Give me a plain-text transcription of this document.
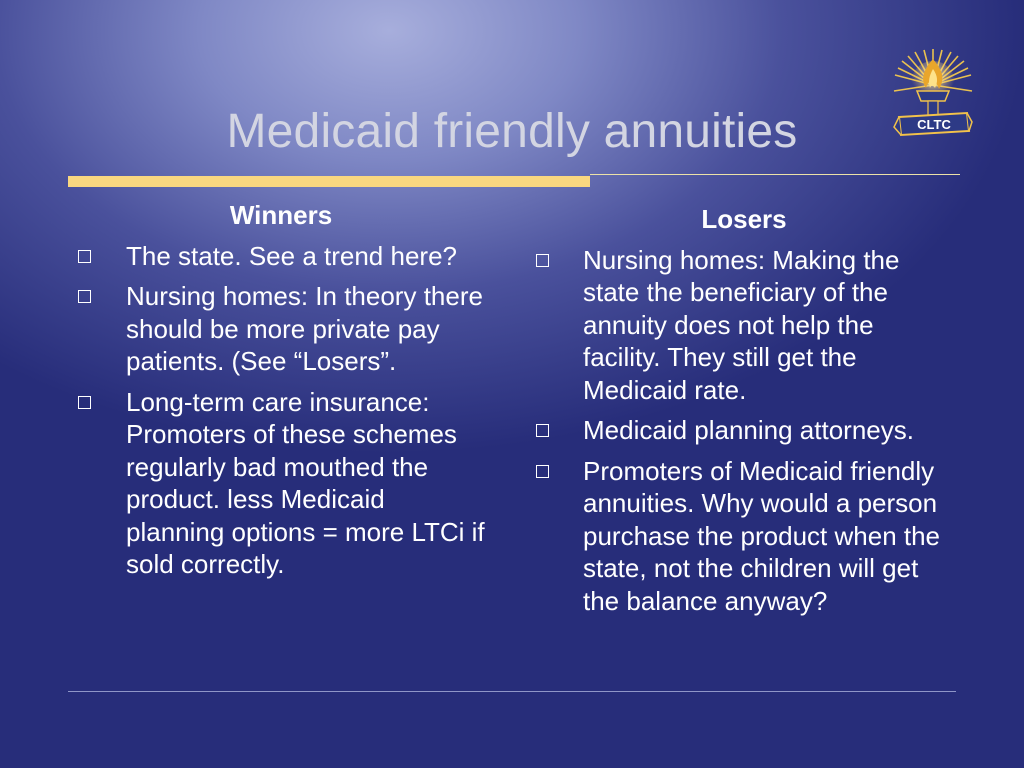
Medicaid friendly annuities	CLTC
Winners
The state. See a trend here?
Nursing homes: In theory there should be more private pay patients. (See “Losers”.
Long-term care insurance: Promoters of these schemes regularly bad mouthed the product. less Medicaid planning options = more LTCi if sold correctly.
Losers
Nursing homes: Making the state the beneficiary of the annuity does not help the facility. They still get the Medicaid rate.
Medicaid planning attorneys.
Promoters of Medicaid friendly annuities. Why would a person purchase the product when the state, not the children will get the balance anyway?
